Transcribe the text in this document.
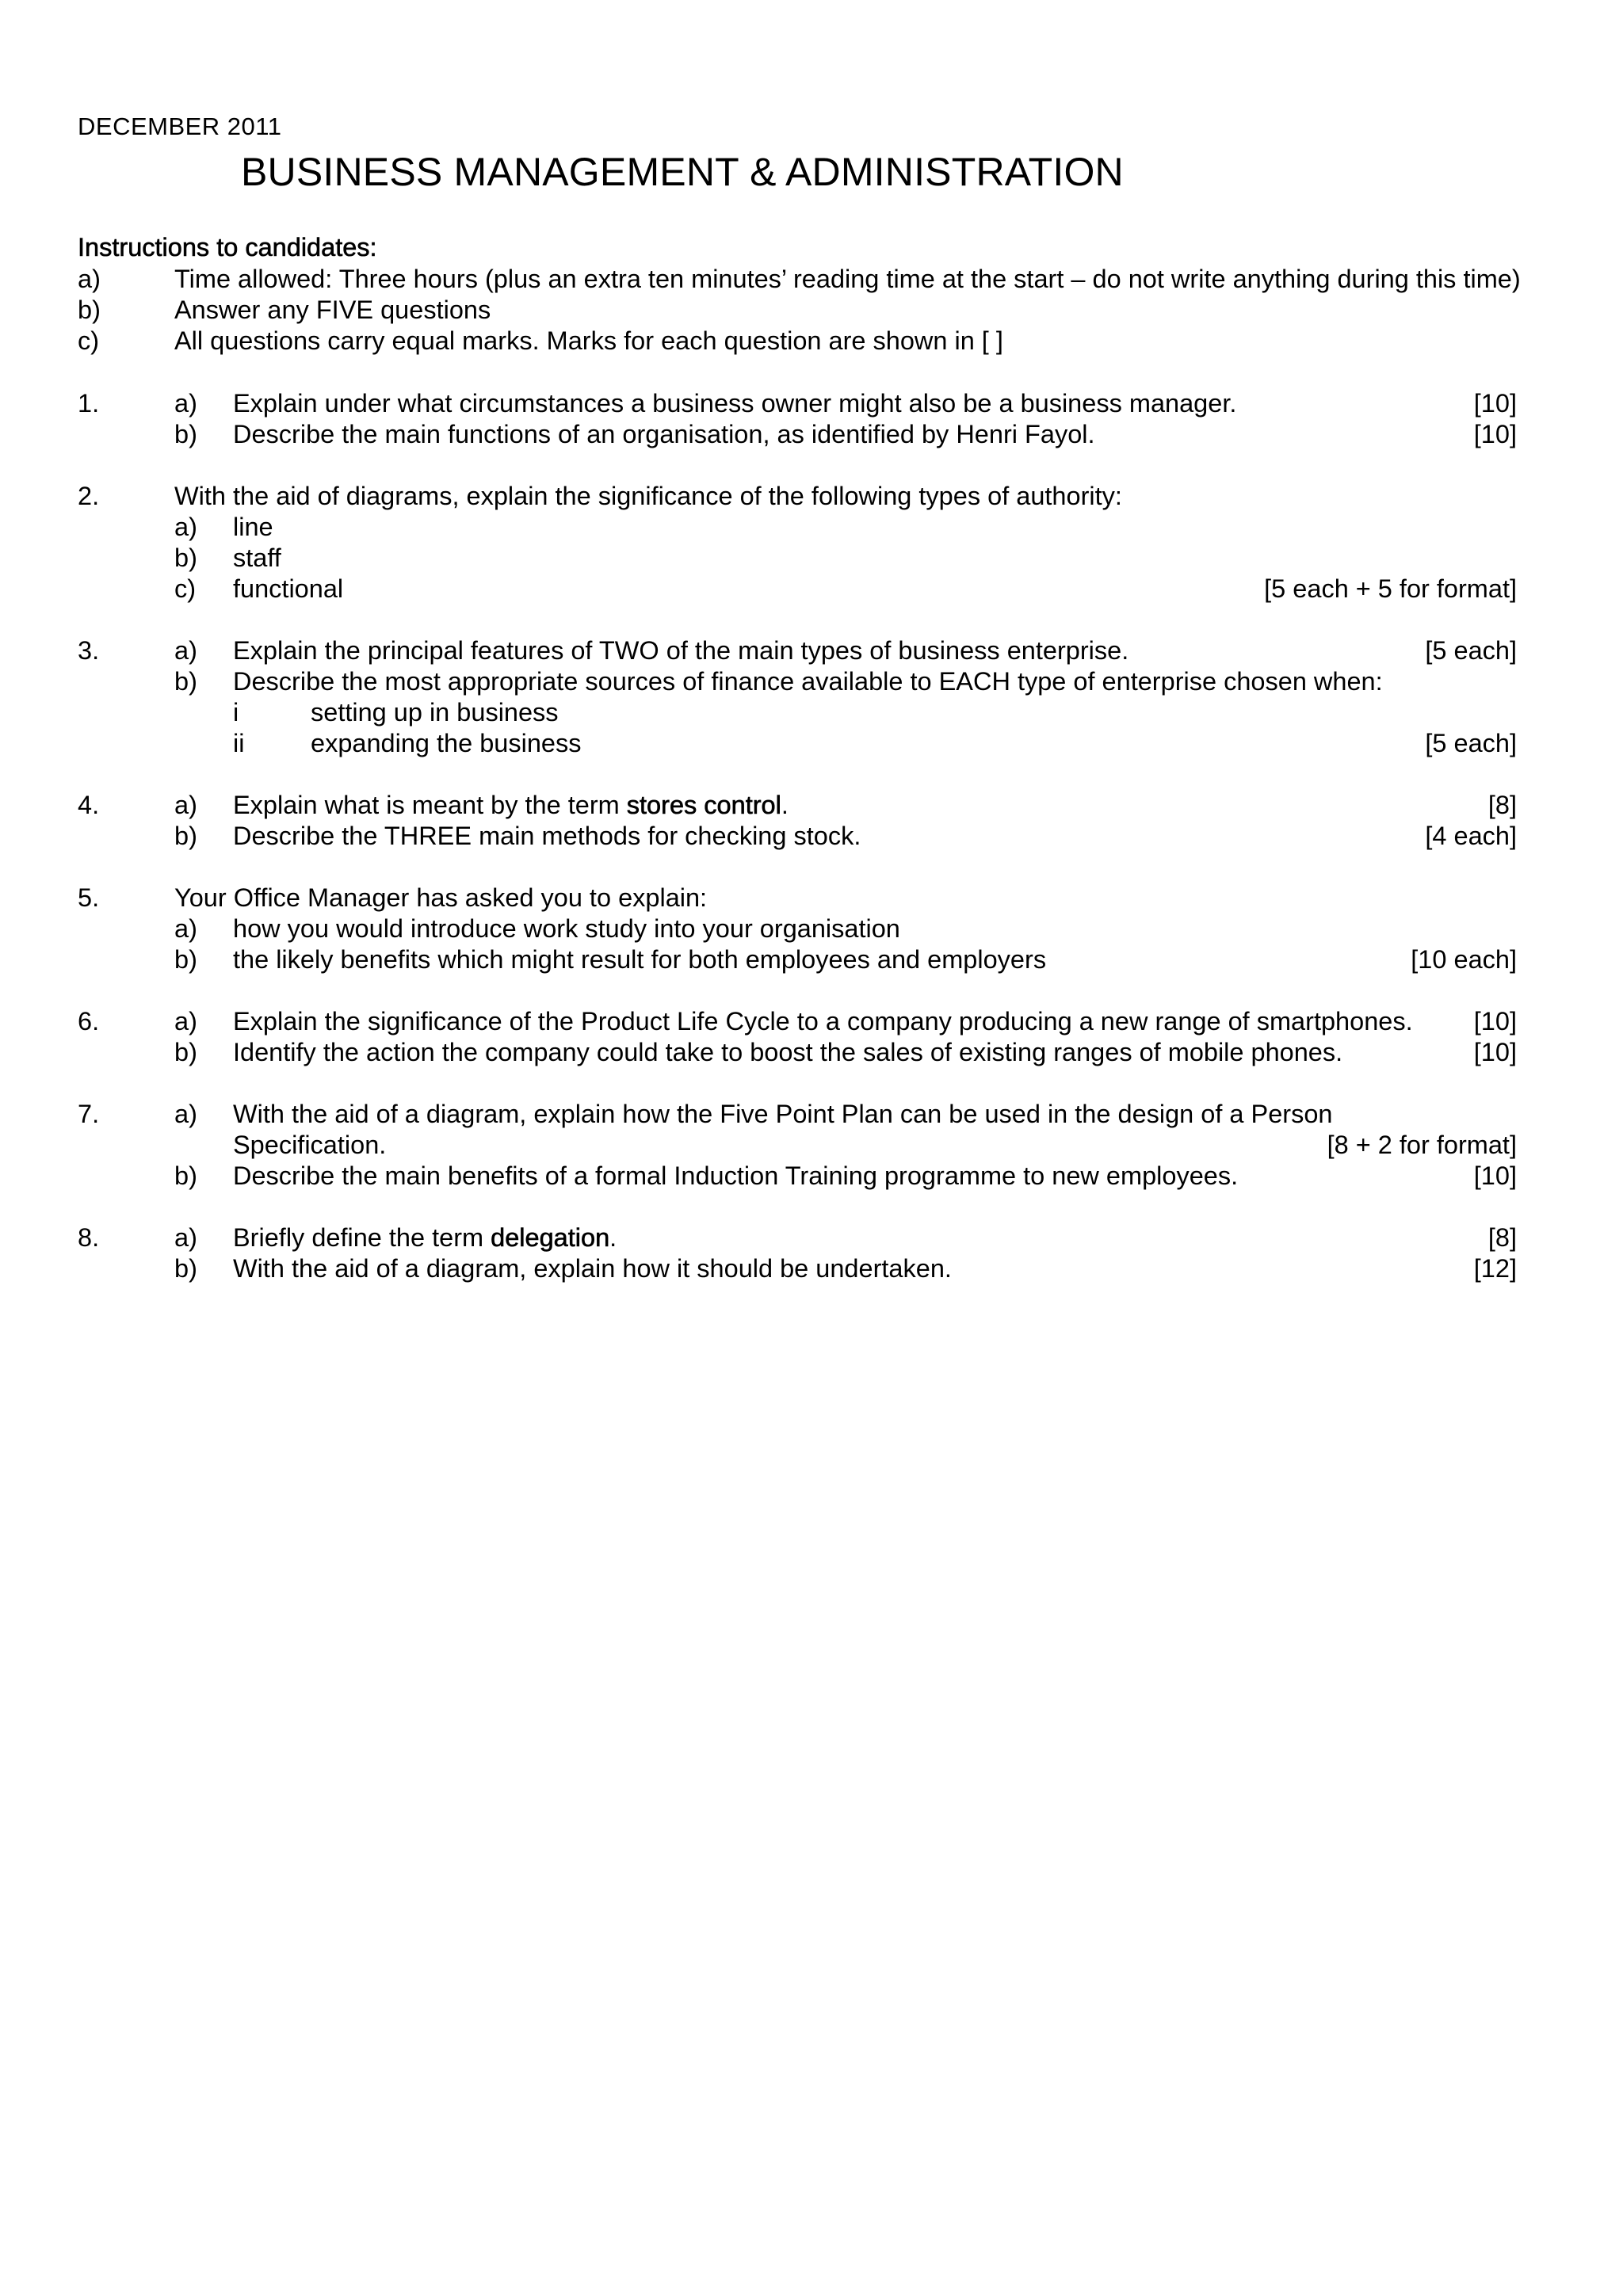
DECEMBER 2011
BUSINESS MANAGEMENT & ADMINISTRATION
Instructions to candidates:
a)	Time allowed: Three hours (plus an extra ten minutes’ reading time at the start – do not write anything during this time)
b)	Answer any FIVE questions
c)	All questions carry equal marks. Marks for each question are shown in [ ]
1.	a) Explain under what circumstances a business owner might also be a business manager.	[10]
b) Describe the main functions of an organisation, as identified by Henri Fayol.	[10]
2.	With the aid of diagrams, explain the significance of the following types of authority:
a) line
b) staff
c) functional	[5 each + 5 for format]
3.	a) Explain the principal features of TWO of the main types of business enterprise.	[5 each]
b) Describe the most appropriate sources of finance available to EACH type of enterprise chosen when:
i	setting up in business
ii	expanding the business	[5 each]
4.	a) Explain what is meant by the term stores control.	[8]
b) Describe the THREE main methods for checking stock.	[4 each]
5.	Your Office Manager has asked you to explain:
a) how you would introduce work study into your organisation
b) the likely benefits which might result for both employees and employers	[10 each]
6.	a) Explain the significance of the Product Life Cycle to a company producing a new range of smartphones. [10]
b) Identify the action the company could take to boost the sales of existing ranges of mobile phones.	[10]
7.	a) With the aid of a diagram, explain how the Five Point Plan can be used in the design of a Person
Specification.	[8 + 2 for format]
b) Describe the main benefits of a formal Induction Training programme to new employees.	[10]
8.	a) Briefly define the term delegation.	[8]
b) With the aid of a diagram, explain how it should be undertaken.	[12]
